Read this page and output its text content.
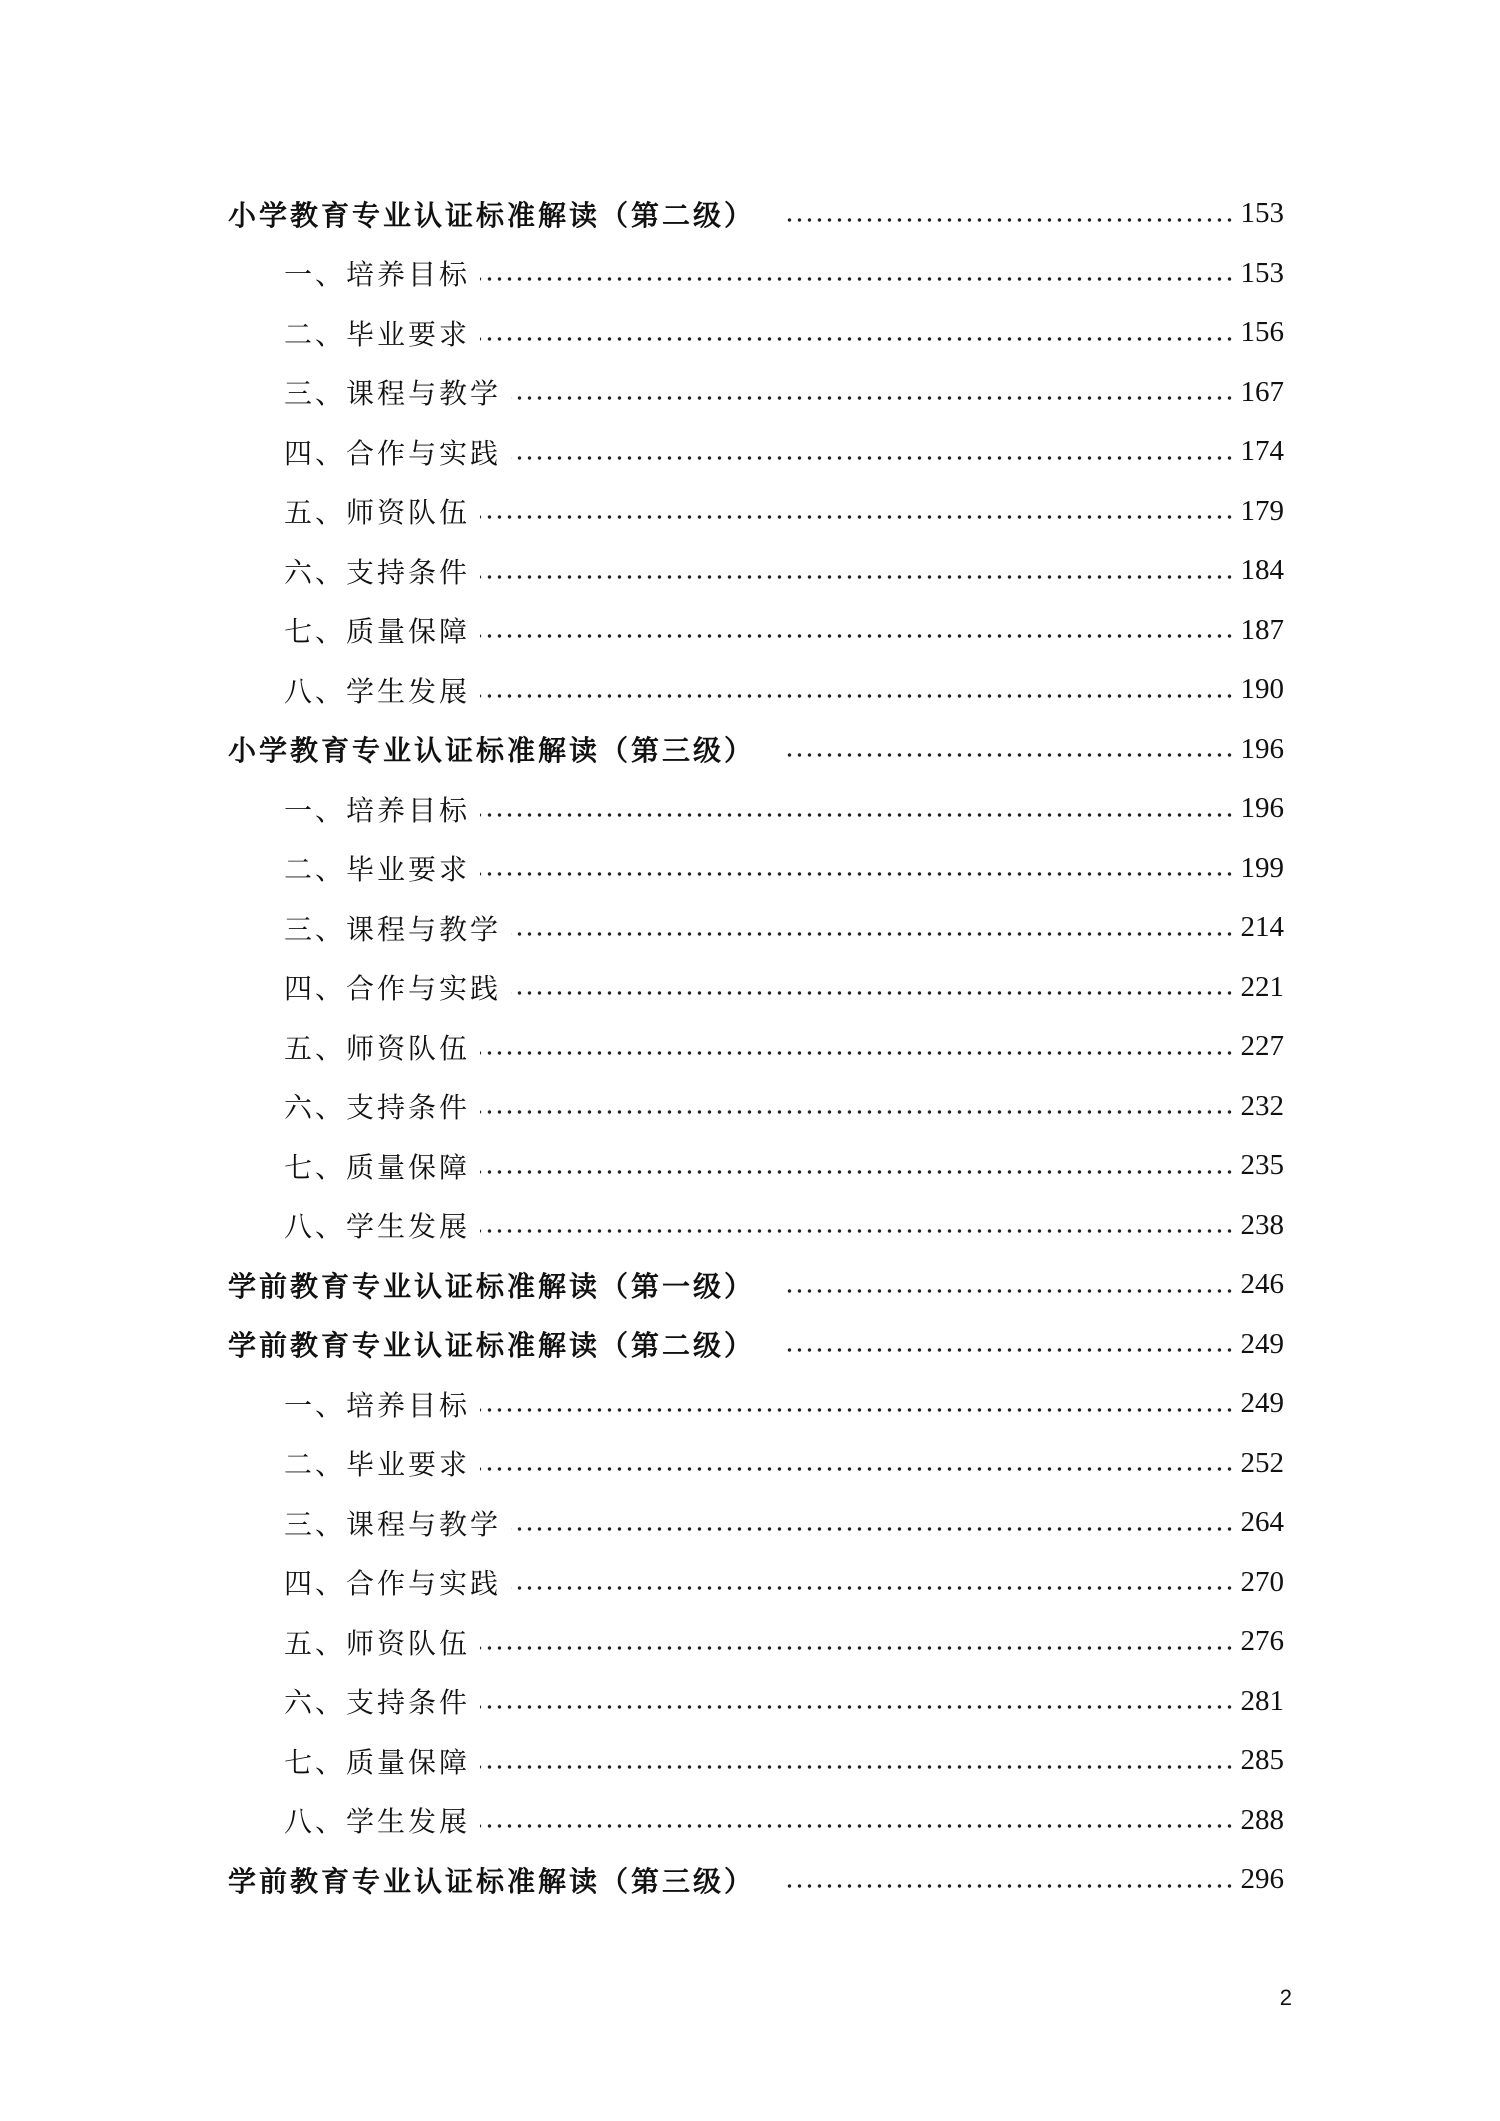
小学教育专业认证标准解读（第二级）	153
一、培养目标	153
二、毕业要求	156
三、课程与教学	167
四、合作与实践	174
五、师资队伍	179
六、支持条件	184
七、质量保障	187
八、学生发展	190
小学教育专业认证标准解读（第三级）	196
一、培养目标	196
二、毕业要求	199
三、课程与教学	214
四、合作与实践	221
五、师资队伍	227
六、支持条件	232
七、质量保障	235
八、学生发展	238
学前教育专业认证标准解读（第一级）	246
学前教育专业认证标准解读（第二级）	249
一、培养目标	249
二、毕业要求	252
三、课程与教学	264
四、合作与实践	270
五、师资队伍	276
六、支持条件	281
七、质量保障	285
八、学生发展	288
学前教育专业认证标准解读（第三级）	296
2
